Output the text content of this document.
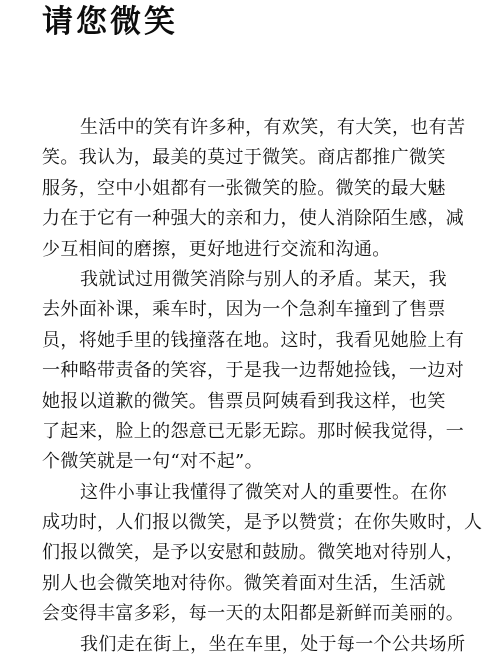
请您微笑
生活中的笑有许多种，有欢笑，有大笑，也有苦
笑。我认为，最美的莫过于微笑。商店都推广微笑
服务，空中小姐都有一张微笑的脸。微笑的最大魅
力在于它有一种强大的亲和力，使人消除陌生感，减
少互相间的磨擦，更好地进行交流和沟通。
我就试过用微笑消除与别人的矛盾。某天，我
去外面补课，乘车时，因为一个急刹车撞到了售票
员，将她手里的钱撞落在地。这时，我看见她脸上有
一种略带责备的笑容，于是我一边帮她捡钱，一边对
她报以道歉的微笑。售票员阿姨看到我这样，也笑
了起来，脸上的怨意已无影无踪。那时候我觉得，一
个微笑就是一句“对不起”。
这件小事让我懂得了微笑对人的重要性。在你
成功时，人们报以微笑，是予以赞赏；在你失败时，人
们报以微笑，是予以安慰和鼓励。微笑地对待别人，
别人也会微笑地对待你。微笑着面对生活，生活就
会变得丰富多彩，每一天的太阳都是新鲜而美丽的。
我们走在街上，坐在车里，处于每一个公共场所
